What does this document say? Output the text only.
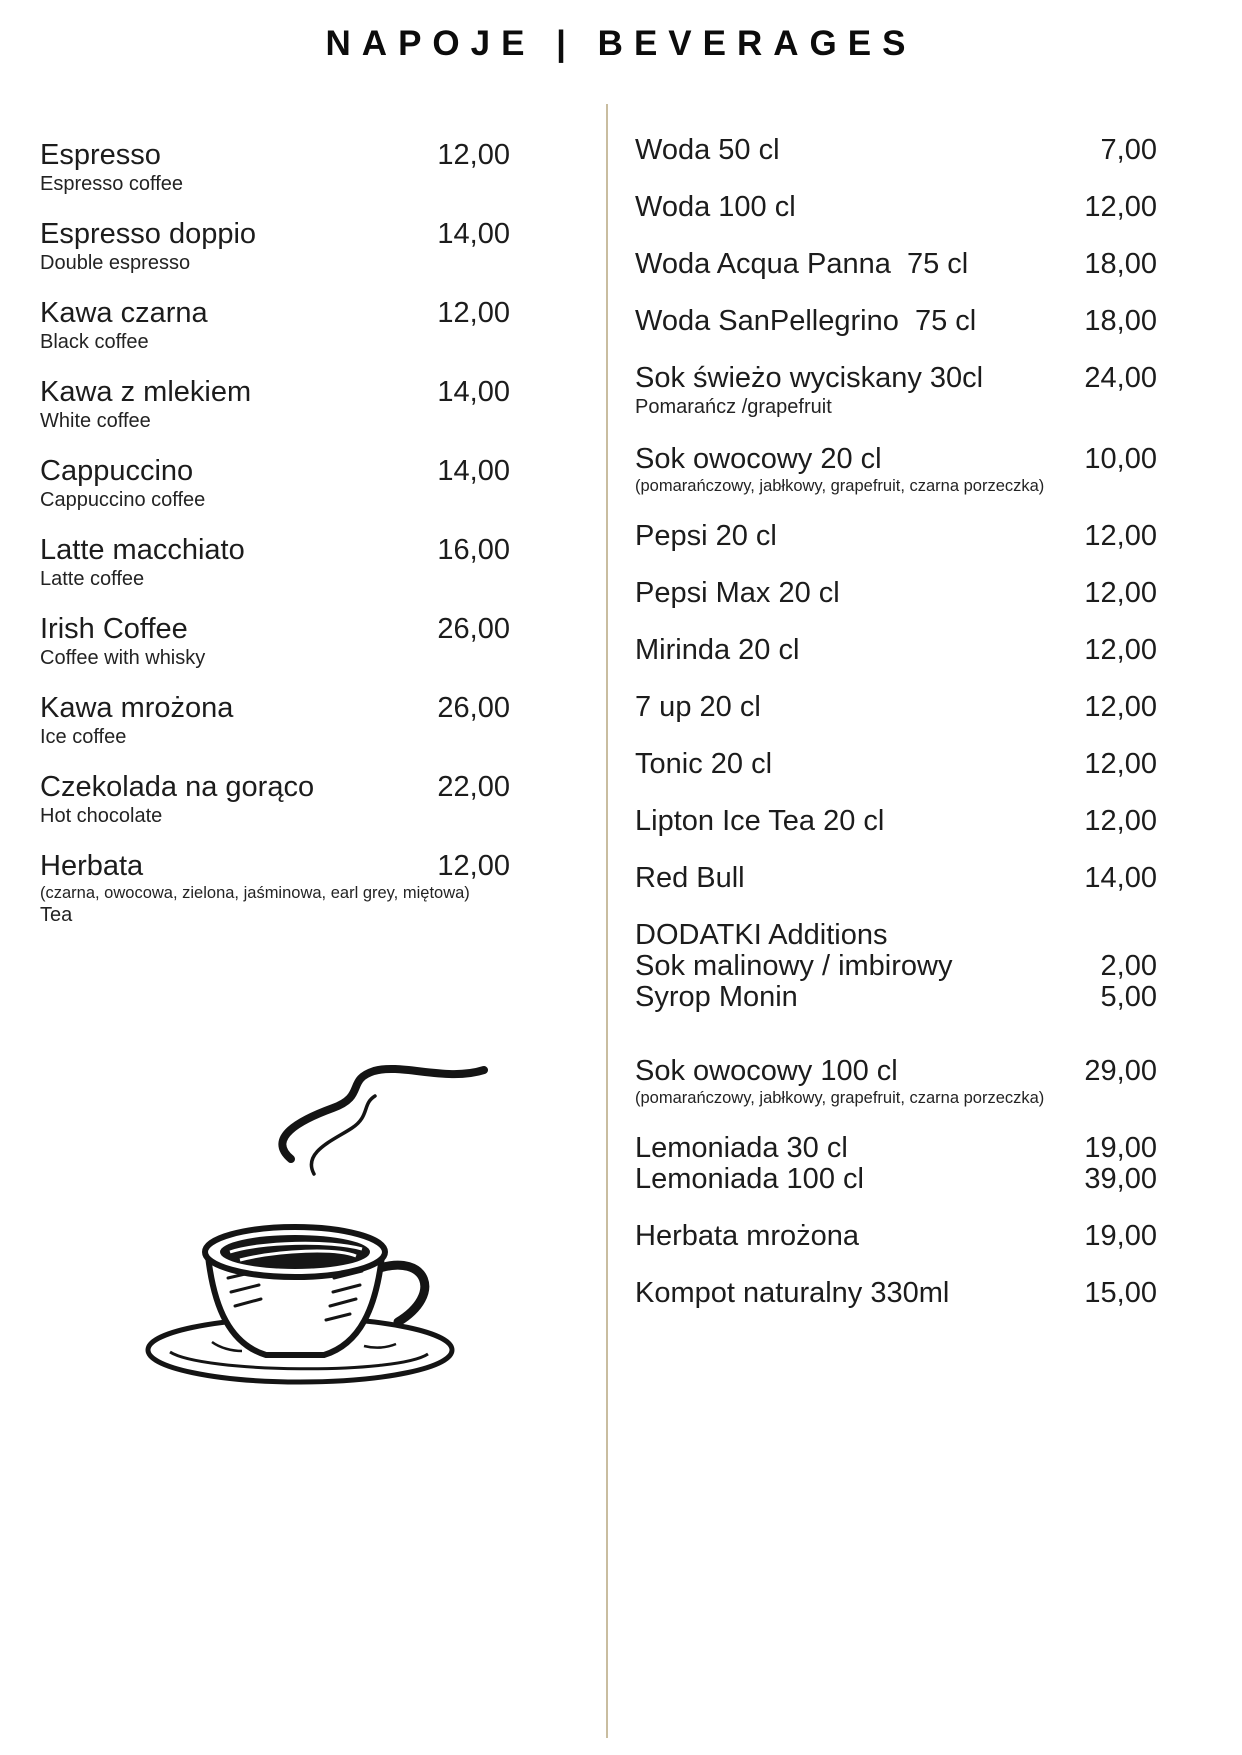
NAPOJE | BEVERAGES
Espresso	12,00
Espresso coffee
Espresso doppio	14,00
Double espresso
Kawa czarna	12,00
Black coffee
Kawa z mlekiem	14,00
White coffee
Cappuccino	14,00
Cappuccino coffee
Latte macchiato	16,00
Latte coffee
Irish Coffee	26,00
Coffee with whisky
Kawa mrożona	26,00
Ice coffee
Czekolada na gorąco	22,00
Hot chocolate
Herbata	12,00
(czarna, owocowa, zielona, jaśminowa, earl grey, miętowa)
Tea
Woda 50 cl	7,00
Woda 100 cl	12,00
Woda Acqua Panna  75 cl	18,00
Woda SanPellegrino  75 cl	18,00
Sok świeżo wyciskany 30cl	24,00
Pomarańcz /grapefruit
Sok owocowy 20 cl	10,00
(pomarańczowy, jabłkowy, grapefruit, czarna porzeczka)
Pepsi 20 cl	12,00
Pepsi Max 20 cl	12,00
Mirinda 20 cl	12,00
7 up 20 cl	12,00
Tonic 20 cl	12,00
Lipton Ice Tea 20 cl	12,00
Red Bull	14,00
DODATKI Additions
Sok malinowy / imbirowy	2,00
Syrop Monin	5,00
Sok owocowy 100 cl	29,00
(pomarańczowy, jabłkowy, grapefruit, czarna porzeczka)
Lemoniada 30 cl	19,00
Lemoniada 100 cl	39,00
Herbata mrożona	19,00
Kompot naturalny 330ml	15,00
